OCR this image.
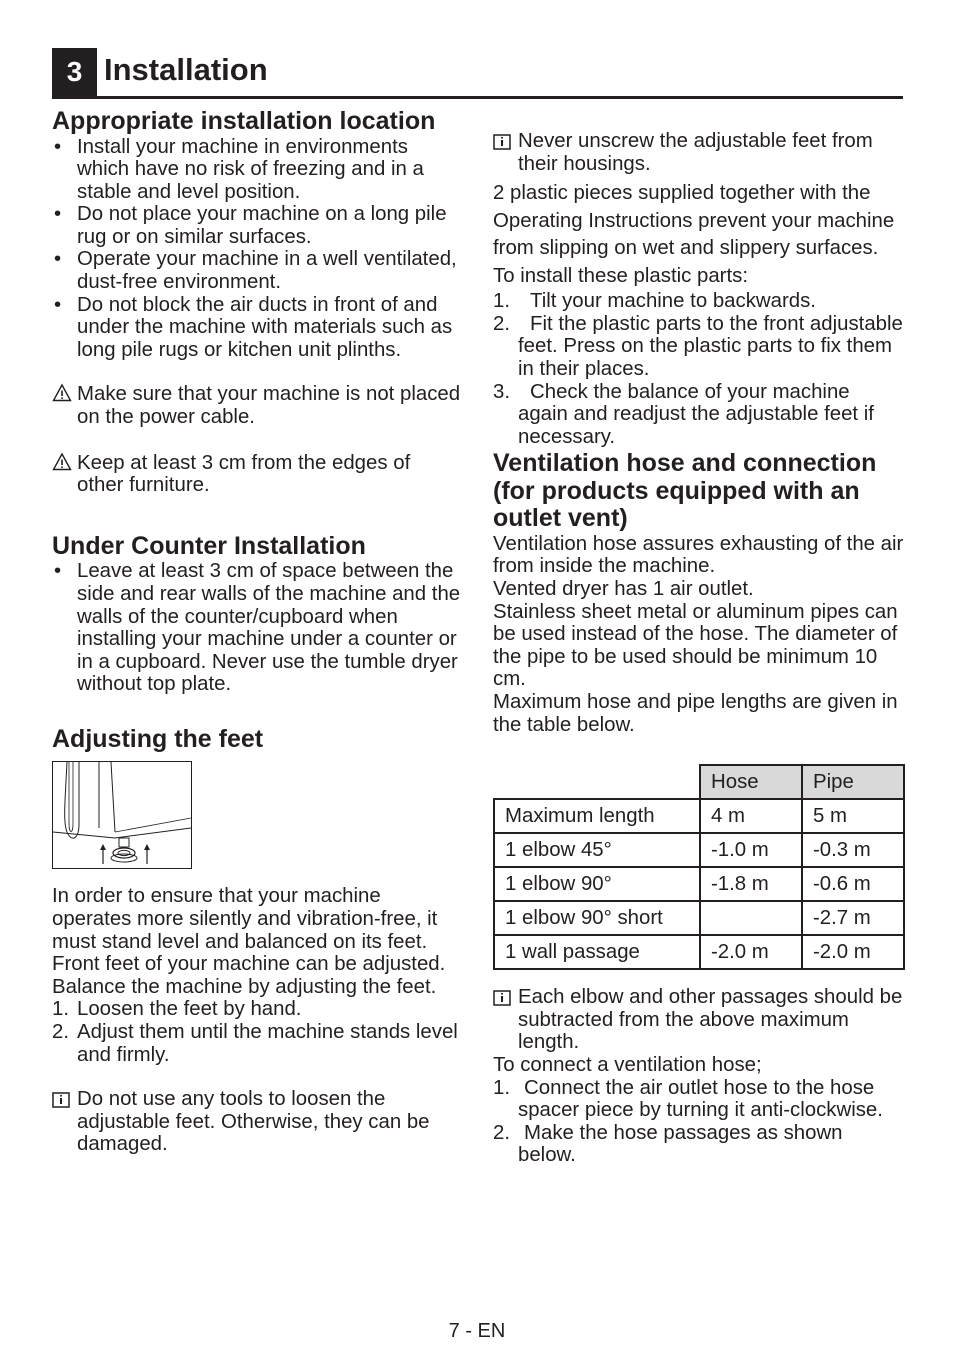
3 Installation
Appropriate installation location
• Install your machine in environments which have no risk of freezing and in a stable and level position.
• Do not place your machine on a long pile rug or on similar surfaces.
• Operate your machine in a well ventilated, dust-free environment.
• Do not block the air ducts in front of and under the machine with materials such as long pile rugs or kitchen unit plinths.
Make sure that your machine is not placed on the power cable.
Keep at least 3 cm from the edges of other furniture.
Under Counter Installation
• Leave at least 3 cm of space between the side and rear walls of the machine and the walls of the counter/cupboard when installing your machine under a counter or in a cupboard. Never use the tumble dryer without top plate.
Adjusting the feet

In order to ensure that your machine operates more silently and vibration-free, it must stand level and balanced on its feet. Front feet of your machine can be adjusted. Balance the machine by adjusting the feet.

1. Loosen the feet by hand.
2. Adjust them until the machine stands level and firmly.
Do not use any tools to loosen the adjustable feet. Otherwise, they can be damaged.
Never unscrew the adjustable feet from their housings.

2 plastic pieces supplied together with the Operating Instructions prevent your machine from slipping on wet and slippery surfaces. To install these plastic parts:

1. Tilt your machine to backwards.
2. Fit the plastic parts to the front adjustable feet. Press on the plastic parts to fix them in their places.
3. Check the balance of your machine again and readjust the adjustable feet if necessary.
Ventilation hose and connection (for products equipped with an outlet vent)

Ventilation hose assures exhausting of the air from inside the machine.

Vented dryer has 1 air outlet.

Stainless sheet metal or aluminum pipes can be used instead of the hose. The diameter of the pipe to be used should be minimum 10 cm.

Maximum hose and pipe lengths are given in the table below.

	Hose	Pipe
Maximum length	4 m	5 m
1 elbow 45°	-1.0 m	-0.3 m
1 elbow 90°	-1.8 m	-0.6 m
1 elbow 90° short		-2.7 m
1 wall passage	-2.0 m	-2.0 m
Each elbow and other passages should be subtracted from the above maximum length.

To connect a ventilation hose;

1. Connect the air outlet hose to the hose spacer piece by turning it anti-clockwise.
2. Make the hose passages as shown below.
7 - EN
